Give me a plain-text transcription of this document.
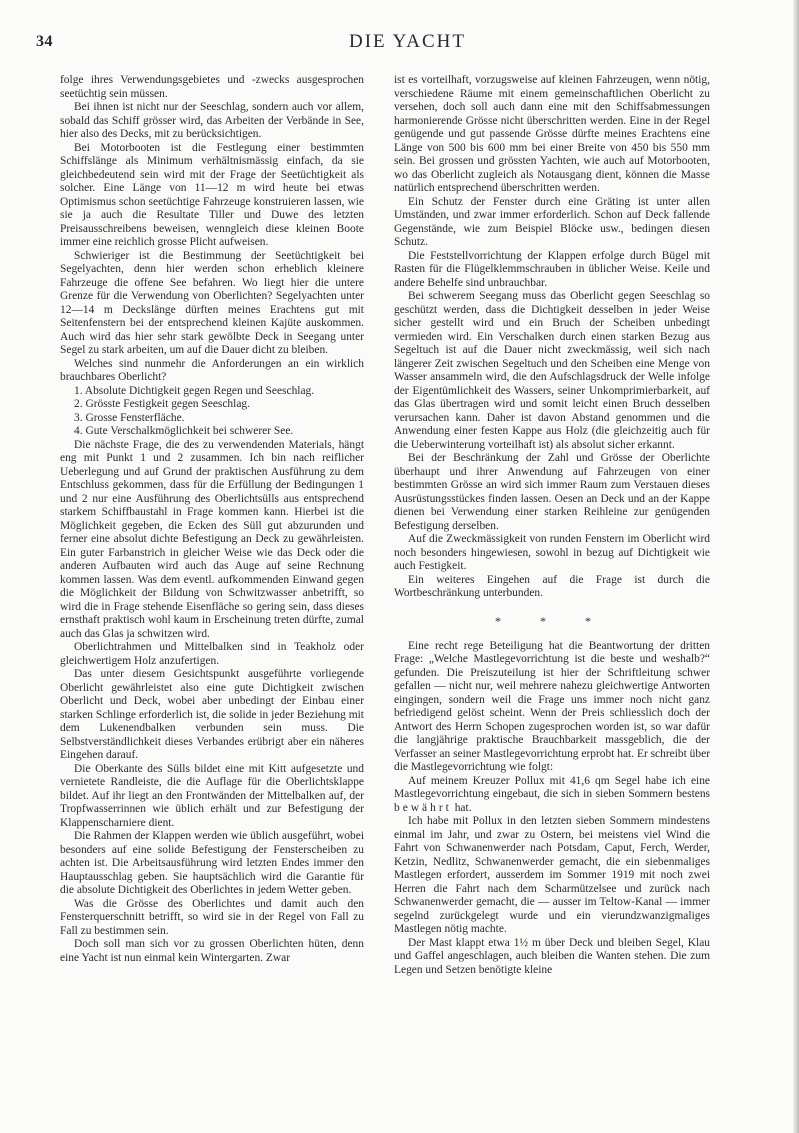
34	DIE YACHT

folge ihres Verwendungsgebietes und -zwecks ausgesprochen seetüchtig sein müssen.

Bei ihnen ist nicht nur der Seeschlag, sondern auch vor allem, sobald das Schiff grösser wird, das Arbeiten der Verbände in See, hier also des Decks, mit zu berücksichtigen.

Bei Motorbooten ist die Festlegung einer bestimmten Schiffslänge als Minimum verhältnismässig einfach, da sie gleichbedeutend sein wird mit der Frage der Seetüchtigkeit als solcher. Eine Länge von 11—12 m wird heute bei etwas Optimismus schon seetüchtige Fahrzeuge konstruieren lassen, wie sie ja auch die Resultate Tiller und Duwe des letzten Preisausschreibens beweisen, wenngleich diese kleinen Boote immer eine reichlich grosse Plicht aufweisen.

Schwieriger ist die Bestimmung der Seetüchtigkeit bei Segelyachten, denn hier werden schon erheblich kleinere Fahrzeuge die offene See befahren. Wo liegt hier die untere Grenze für die Verwendung von Oberlichten? Segelyachten unter 12—14 m Deckslänge dürften meines Erachtens gut mit Seitenfenstern bei der entsprechend kleinen Kajüte auskommen. Auch wird das hier sehr stark gewölbte Deck in Seegang unter Segel zu stark arbeiten, um auf die Dauer dicht zu bleiben.

Welches sind nunmehr die Anforderungen an ein wirklich brauchbares Oberlicht?

1. Absolute Dichtigkeit gegen Regen und Seeschlag.

2. Grösste Festigkeit gegen Seeschlag.

3. Grosse Fensterfläche.

4. Gute Verschalkmöglichkeit bei schwerer See.

Die nächste Frage, die des zu verwendenden Materials, hängt eng mit Punkt 1 und 2 zusammen. Ich bin nach reiflicher Ueberlegung und auf Grund der praktischen Ausführung zu dem Entschluss gekommen, dass für die Erfüllung der Bedingungen 1 und 2 nur eine Ausführung des Oberlichtsülls aus entsprechend starkem Schiffbaustahl in Frage kommen kann. Hierbei ist die Möglichkeit gegeben, die Ecken des Süll gut abzurunden und ferner eine absolut dichte Befestigung an Deck zu gewährleisten. Ein guter Farbanstrich in gleicher Weise wie das Deck oder die anderen Aufbauten wird auch das Auge auf seine Rechnung kommen lassen. Was dem eventl. aufkommenden Einwand gegen die Möglichkeit der Bildung von Schwitzwasser anbetrifft, so wird die in Frage stehende Eisenfläche so gering sein, dass dieses ernsthaft praktisch wohl kaum in Erscheinung treten dürfte, zumal auch das Glas ja schwitzen wird.

Oberlichtrahmen und Mittelbalken sind in Teakholz oder gleichwertigem Holz anzufertigen.

Das unter diesem Gesichtspunkt ausgeführte vorliegende Oberlicht gewährleistet also eine gute Dichtigkeit zwischen Oberlicht und Deck, wobei aber unbedingt der Einbau einer starken Schlinge erforderlich ist, die solide in jeder Beziehung mit dem Lukenendbalken verbunden sein muss. Die Selbstverständlichkeit dieses Verbandes erübrigt aber ein näheres Eingehen darauf.

Die Oberkante des Sülls bildet eine mit Kitt aufgesetzte und vernietete Randleiste, die die Auflage für die Oberlichtsklappe bildet. Auf ihr liegt an den Frontwänden der Mittelbalken auf, der Tropfwasserrinnen wie üblich erhält und zur Befestigung der Klappenscharniere dient.

Die Rahmen der Klappen werden wie üblich ausgeführt, wobei besonders auf eine solide Befestigung der Fensterscheiben zu achten ist. Die Arbeitsausführung wird letzten Endes immer den Hauptausschlag geben. Sie hauptsächlich wird die Garantie für die absolute Dichtigkeit des Oberlichtes in jedem Wetter geben.

Was die Grösse des Oberlichtes und damit auch den Fensterquerschnitt betrifft, so wird sie in der Regel von Fall zu Fall zu bestimmen sein.

Doch soll man sich vor zu grossen Oberlichten hüten, denn eine Yacht ist nun einmal kein Wintergarten. Zwar

ist es vorteilhaft, vorzugsweise auf kleinen Fahrzeugen, wenn nötig, verschiedene Räume mit einem gemeinschaftlichen Oberlicht zu versehen, doch soll auch dann eine mit den Schiffsabmessungen harmonierende Grösse nicht überschritten werden. Eine in der Regel genügende und gut passende Grösse dürfte meines Erachtens eine Länge von 500 bis 600 mm bei einer Breite von 450 bis 550 mm sein. Bei grossen und grössten Yachten, wie auch auf Motorbooten, wo das Oberlicht zugleich als Notausgang dient, können die Masse natürlich entsprechend überschritten werden.

Ein Schutz der Fenster durch eine Gräting ist unter allen Umständen, und zwar immer erforderlich. Schon auf Deck fallende Gegenstände, wie zum Beispiel Blöcke usw., bedingen diesen Schutz.

Die Feststellvorrichtung der Klappen erfolge durch Bügel mit Rasten für die Flügelklemmschrauben in üblicher Weise. Keile und andere Behelfe sind unbrauchbar.

Bei schwerem Seegang muss das Oberlicht gegen Seeschlag so geschützt werden, dass die Dichtigkeit desselben in jeder Weise sicher gestellt wird und ein Bruch der Scheiben unbedingt vermieden wird. Ein Verschalken durch einen starken Bezug aus Segeltuch ist auf die Dauer nicht zweckmässig, weil sich nach längerer Zeit zwischen Segeltuch und den Scheiben eine Menge von Wasser ansammeln wird, die den Aufschlagsdruck der Welle infolge der Eigentümlichkeit des Wassers, seiner Unkomprimierbarkeit, auf das Glas übertragen wird und somit leicht einen Bruch desselben verursachen kann. Daher ist davon Abstand genommen und die Anwendung einer festen Kappe aus Holz (die gleichzeitig auch für die Ueberwinterung vorteilhaft ist) als absolut sicher erkannt.

Bei der Beschränkung der Zahl und Grösse der Oberlichte überhaupt und ihrer Anwendung auf Fahrzeugen von einer bestimmten Grösse an wird sich immer Raum zum Verstauen dieses Ausrüstungsstückes finden lassen. Oesen an Deck und an der Kappe dienen bei Verwendung einer starken Reihleine zur genügenden Befestigung derselben.

Auf die Zweckmässigkeit von runden Fenstern im Oberlicht wird noch besonders hingewiesen, sowohl in bezug auf Dichtigkeit wie auch Festigkeit.

Ein weiteres Eingehen auf die Frage ist durch die Wortbeschränkung unterbunden.

* * *

Eine recht rege Beteiligung hat die Beantwortung der dritten Frage: „Welche Mastlegevorrichtung ist die beste und weshalb?“ gefunden. Die Preiszuteilung ist hier der Schriftleitung schwer gefallen — nicht nur, weil mehrere nahezu gleichwertige Antworten eingingen, sondern weil die Frage uns immer noch nicht ganz befriedigend gelöst scheint. Wenn der Preis schliesslich doch der Antwort des Herrn Schopen zugesprochen worden ist, so war dafür die langjährige praktische Brauchbarkeit massgeblich, die der Verfasser an seiner Mastlegevorrichtung erprobt hat. Er schreibt über die Mastlegevorrichtung wie folgt:

Auf meinem Kreuzer Pollux mit 41,6 qm Segel habe ich eine Mastlegevorrichtung eingebaut, die sich in sieben Sommern bestens bewährt hat.

Ich habe mit Pollux in den letzten sieben Sommern mindestens einmal im Jahr, und zwar zu Ostern, bei meistens viel Wind die Fahrt von Schwanenwerder nach Potsdam, Caput, Ferch, Werder, Ketzin, Nedlitz, Schwanenwerder gemacht, die ein siebenmaliges Mastlegen erfordert, ausserdem im Sommer 1919 mit noch zwei Herren die Fahrt nach dem Scharmützelsee und zurück nach Schwanenwerder gemacht, die — ausser im Teltow-Kanal — immer segelnd zurückgelegt wurde und ein vierundzwanzigmaliges Mastlegen nötig machte.

Der Mast klappt etwa 1½ m über Deck und bleiben Segel, Klau und Gaffel angeschlagen, auch bleiben die Wanten stehen. Die zum Legen und Setzen benötigte kleine
